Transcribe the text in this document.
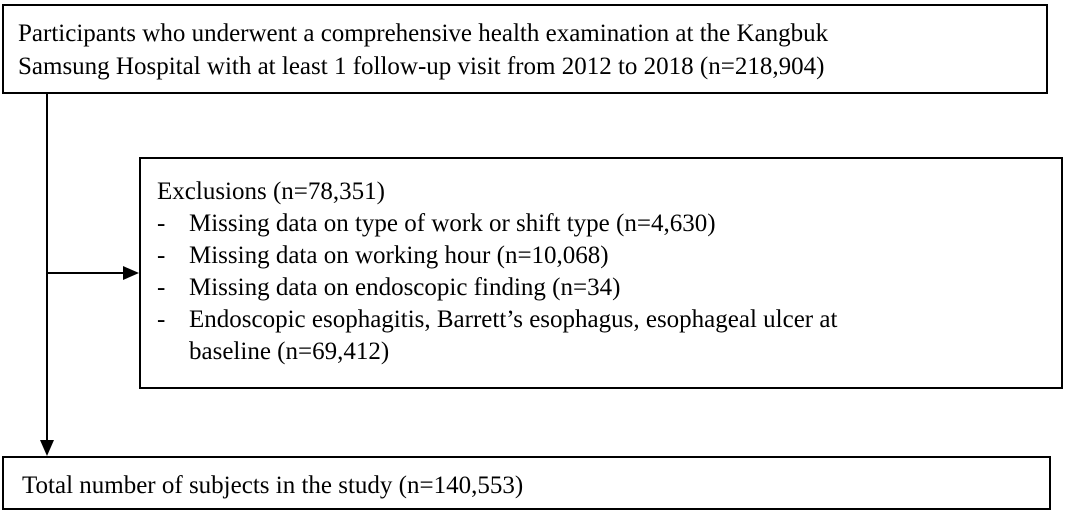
Participants who underwent a comprehensive health examination at the Kangbuk
Samsung Hospital with at least 1 follow-up visit from 2012 to 2018 (n=218,904)
Exclusions (n=78,351)
- Missing data on type of work or shift type (n=4,630)
- Missing data on working hour (n=10,068)
- Missing data on endoscopic finding (n=34)
- Endoscopic esophagitis, Barrett’s esophagus, esophageal ulcer at
baseline (n=69,412)
Total number of subjects in the study (n=140,553)
